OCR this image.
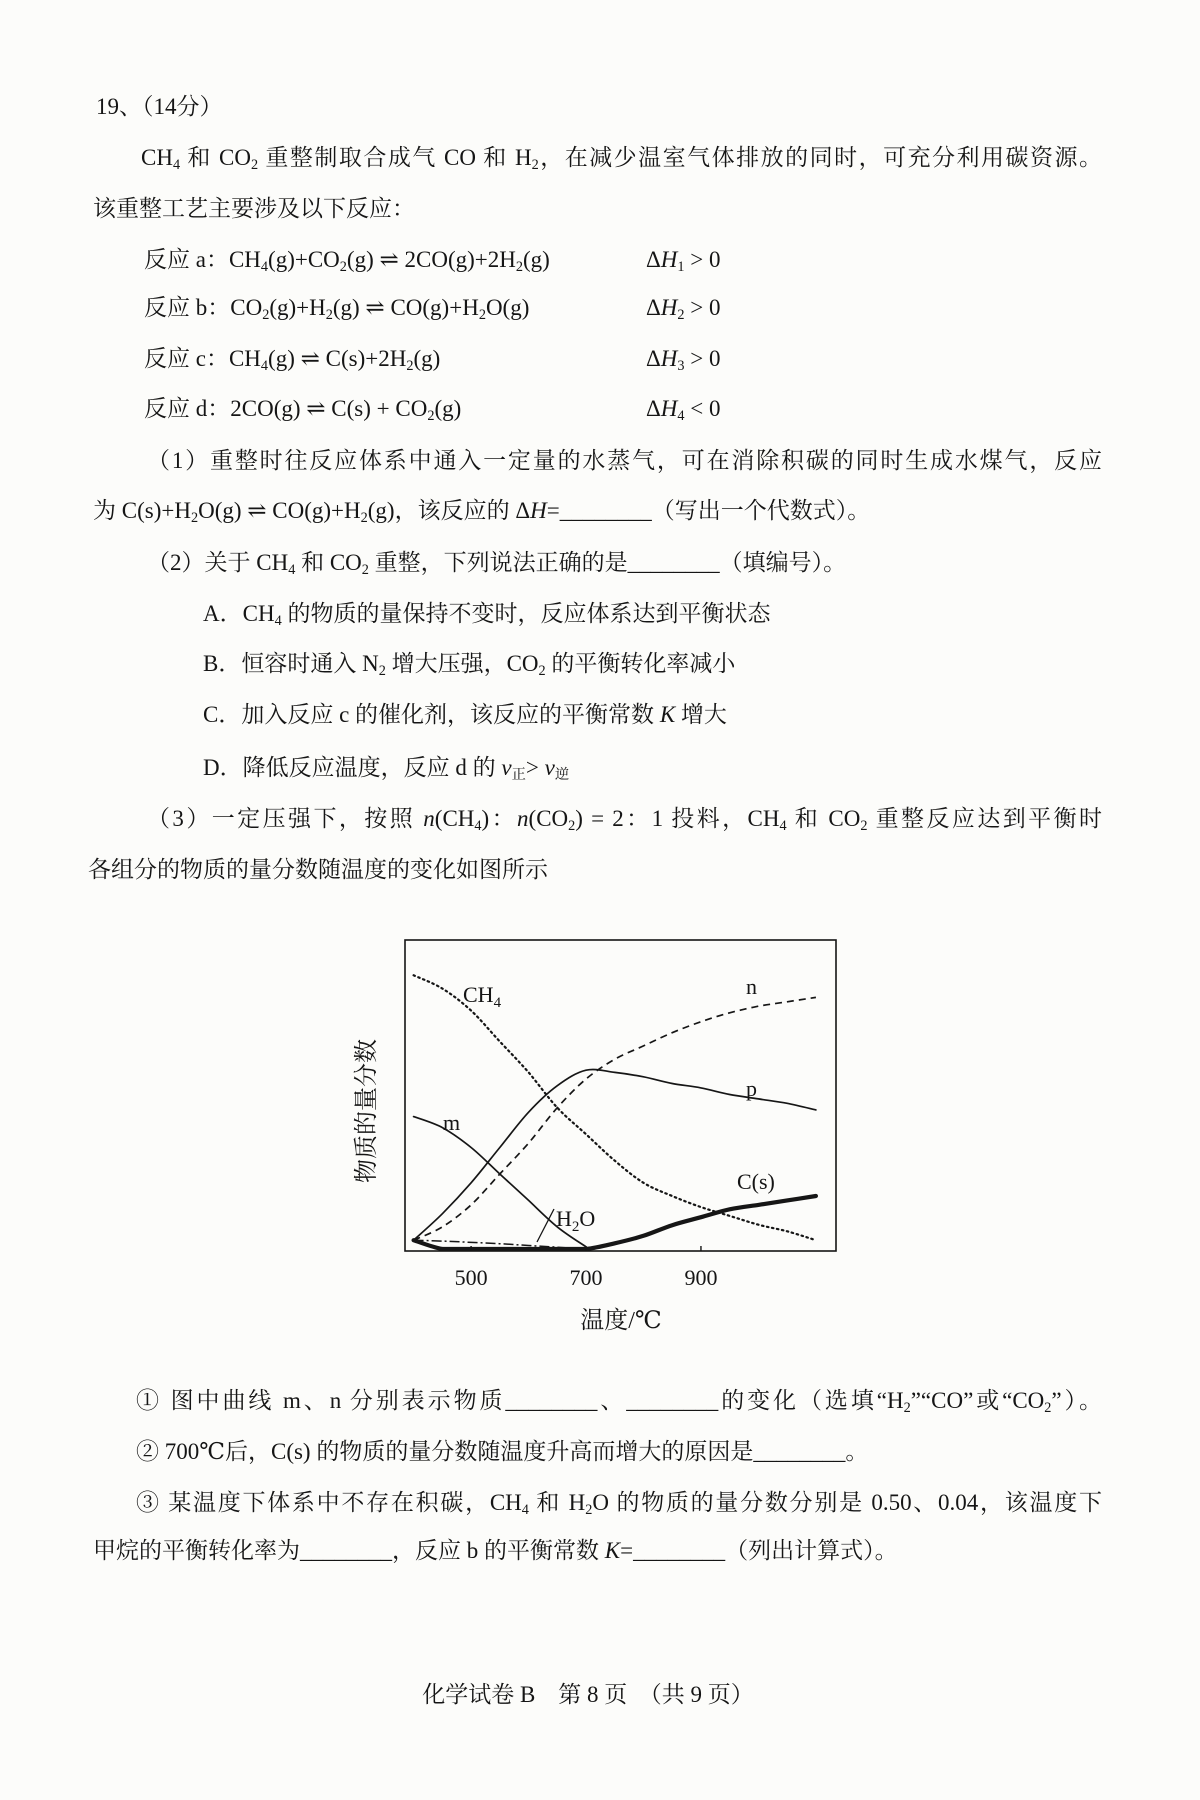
19、（14分）
$CH_4$ 和 $CO_2$ 重整制取合成气 CO 和 $H_2$，在减少温室气体排放的同时，可充分利用碳资源。
该重整工艺主要涉及以下反应：
反应 a：$CH_4(g)+CO_2(g)$ ⇌ $2CO(g)+2H_2(g)$	$\Delta H_1 > 0$
反应 b：$CO_2(g)+H_2(g)$ ⇌ $CO(g)+H_2O(g)$	$\Delta H_2 > 0$
反应 c：$CH_4(g)$ ⇌ $C(s)+2H_2(g)$	$\Delta H_3 > 0$
反应 d：2CO(g) ⇌ $C(s) + CO_2(g)$	$\Delta H_4 < 0$
（1）重整时往反应体系中通入一定量的水蒸气，可在消除积碳的同时生成水煤气，反应
为 $C(s)+H_2O(g)$ ⇌ $CO(g)+H_2(g)$，该反应的 ΔH=________（写出一个代数式）。
（2）关于 $CH_4$ 和 $CO_2$ 重整，下列说法正确的是________（填编号）。
A．$CH_4$ 的物质的量保持不变时，反应体系达到平衡状态
B．恒容时通入 $N_2$ 增大压强，$CO_2$ 的平衡转化率减小
C．加入反应 c 的催化剂，该反应的平衡常数 K 增大
D．降低反应温度，反应 d 的 $v_正> v_逆$
（3）一定压强下，按照 $n(CH_4)$：$n(CO_2) = 2$：1 投料，$CH_4$ 和 $CO_2$ 重整反应达到平衡时
各组分的物质的量分数随温度的变化如图所示
$CH_4$
n
p
m
C(s)
$H_2O$
500	700	900
温度/℃
物质的量分数
① 图中曲线 m、n 分别表示物质________、________的变化（选填“$H_2”“CO$”或“$CO_2$”）。
② 700℃后，C(s) 的物质的量分数随温度升高而增大的原因是________。
③ 某温度下体系中不存在积碳，$CH_4$ 和 $H_2O$ 的物质的量分数分别是 0.50、0.04，该温度下
甲烷的平衡转化率为________，反应 b 的平衡常数 K=________（列出计算式）。
化学试卷 B　第 8 页　（共 9 页）
